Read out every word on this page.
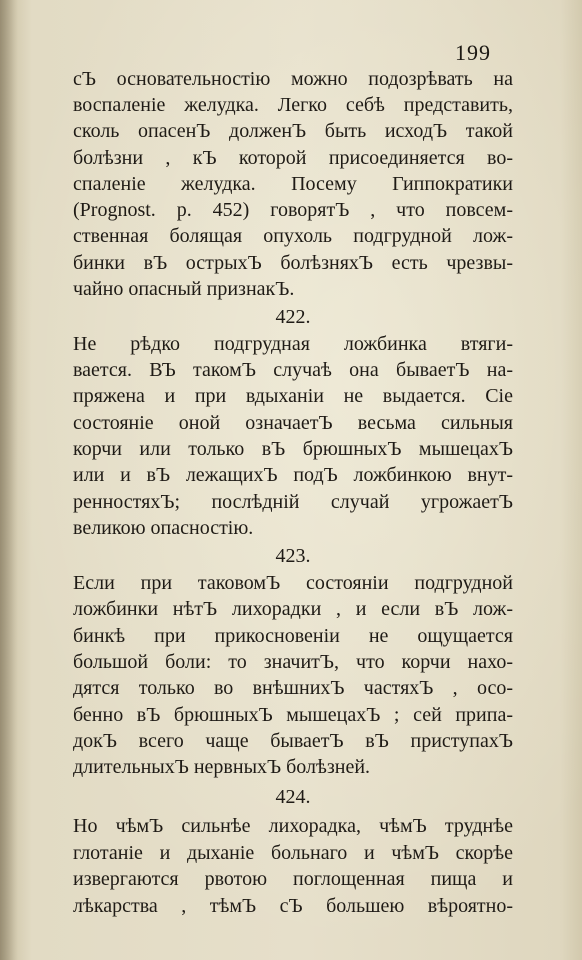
199
сЪ основательностію можно подозрѣвать на
воспаленіе желудка. Легко себѣ представить,
сколь опасенЪ долженЪ быть исходЪ такой
болѣзни , кЪ которой присоединяется во-
спаленіе желудка. Посему Гиппократики
(Prognost. p. 452) говорятЪ , что повсем-
ственная болящая опухоль подгрудной лож-
бинки вЪ острыхЪ болѣзняхЪ есть чрезвы-
чайно опасный признакЪ.
422.
Не рѣдко подгрудная ложбинка втяги-
вается. ВЪ такомЪ случаѣ она бываетЪ на-
пряжена и при вдыханіи не выдается. Сіе
состояніе оной означаетЪ весьма сильныя
корчи или только вЪ брюшныхЪ мышецахЪ
или и вЪ лежащихЪ подЪ ложбинкою внут-
ренностяхЪ; послѣдній случай угрожаетЪ
великою опасностію.
423.
Если при таковомЪ состояніи подгрудной
ложбинки нѣтЪ лихорадки , и если вЪ лож-
бинкѣ при прикосновеніи не ощущается
большой боли: то значитЪ, что корчи нахо-
дятся только во внѣшнихЪ частяхЪ , осо-
бенно вЪ брюшныхЪ мышецахЪ ; сей припа-
докЪ всего чаще бываетЪ вЪ приступахЪ
длительныхЪ нервныхЪ болѣзней.
424.
Но чѣмЪ сильнѣе лихорадка, чѣмЪ труднѣе
глотаніе и дыханіе больнаго и чѣмЪ скорѣе
извергаются рвотою поглощенная пища и
лѣкарства , тѣмЪ сЪ большею вѣроятно-
